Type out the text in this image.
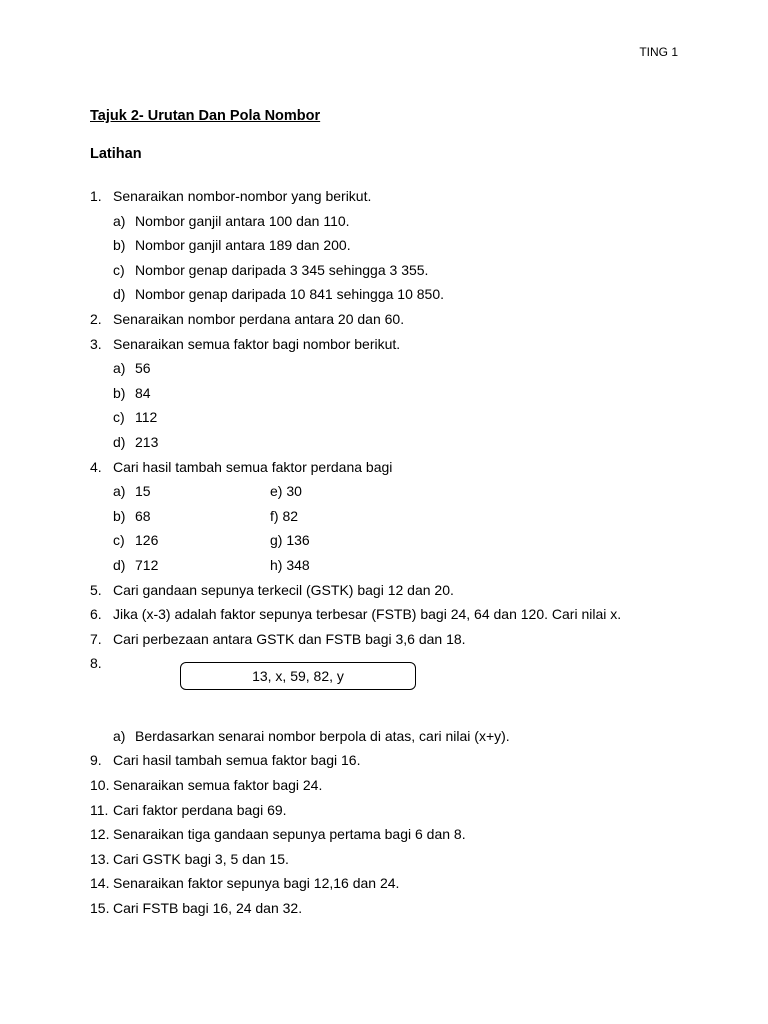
TING 1
Tajuk 2- Urutan Dan Pola Nombor
Latihan
1. Senaraikan nombor-nombor yang berikut.
a) Nombor ganjil antara 100 dan 110.
b) Nombor ganjil antara 189 dan 200.
c) Nombor genap daripada 3 345 sehingga 3 355.
d) Nombor genap daripada 10 841 sehingga 10 850.
2. Senaraikan nombor perdana antara 20 dan 60.
3. Senaraikan semua faktor bagi nombor berikut.
a) 56
b) 84
c) 112
d) 213
4. Cari hasil tambah semua faktor perdana bagi
a) 15	e) 30
b) 68	f) 82
c) 126	g) 136
d) 712	h) 348
5. Cari gandaan sepunya terkecil (GSTK) bagi 12 dan 20.
6. Jika (x-3) adalah faktor sepunya terbesar (FSTB) bagi 24, 64 dan 120. Cari nilai x.
7. Cari perbezaan antara GSTK dan FSTB bagi 3,6 dan 18.
8.
a) Berdasarkan senarai nombor berpola di atas, cari nilai (x+y).
9. Cari hasil tambah semua faktor bagi 16.
10. Senaraikan semua faktor bagi 24.
11. Cari faktor perdana bagi 69.
12. Senaraikan tiga gandaan sepunya pertama bagi 6 dan 8.
13. Cari GSTK bagi 3, 5 dan 15.
14. Senaraikan faktor sepunya bagi 12,16 dan 24.
15. Cari FSTB bagi 16, 24 dan 32.
13, x, 59, 82, y
